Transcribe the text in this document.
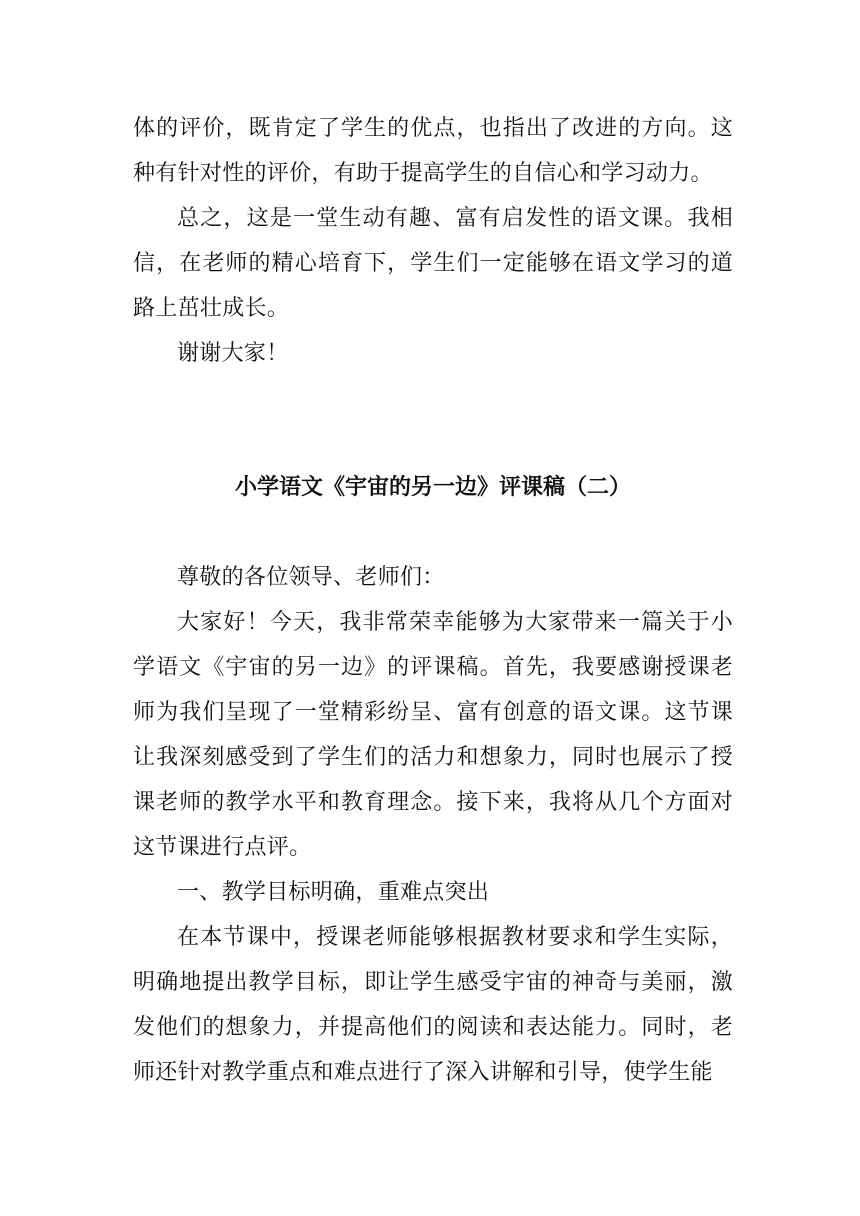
体的评价，既肯定了学生的优点，也指出了改进的方向。这种有针对性的评价，有助于提高学生的自信心和学习动力。

总之，这是一堂生动有趣、富有启发性的语文课。我相信，在老师的精心培育下，学生们一定能够在语文学习的道路上茁壮成长。

谢谢大家！

小学语文《宇宙的另一边》评课稿（二）

尊敬的各位领导、老师们：

大家好！今天，我非常荣幸能够为大家带来一篇关于小学语文《宇宙的另一边》的评课稿。首先，我要感谢授课老师为我们呈现了一堂精彩纷呈、富有创意的语文课。这节课让我深刻感受到了学生们的活力和想象力，同时也展示了授课老师的教学水平和教育理念。接下来，我将从几个方面对这节课进行点评。

一、教学目标明确，重难点突出

在本节课中，授课老师能够根据教材要求和学生实际，明确地提出教学目标，即让学生感受宇宙的神奇与美丽，激发他们的想象力，并提高他们的阅读和表达能力。同时，老师还针对教学重点和难点进行了深入讲解和引导，使学生能
